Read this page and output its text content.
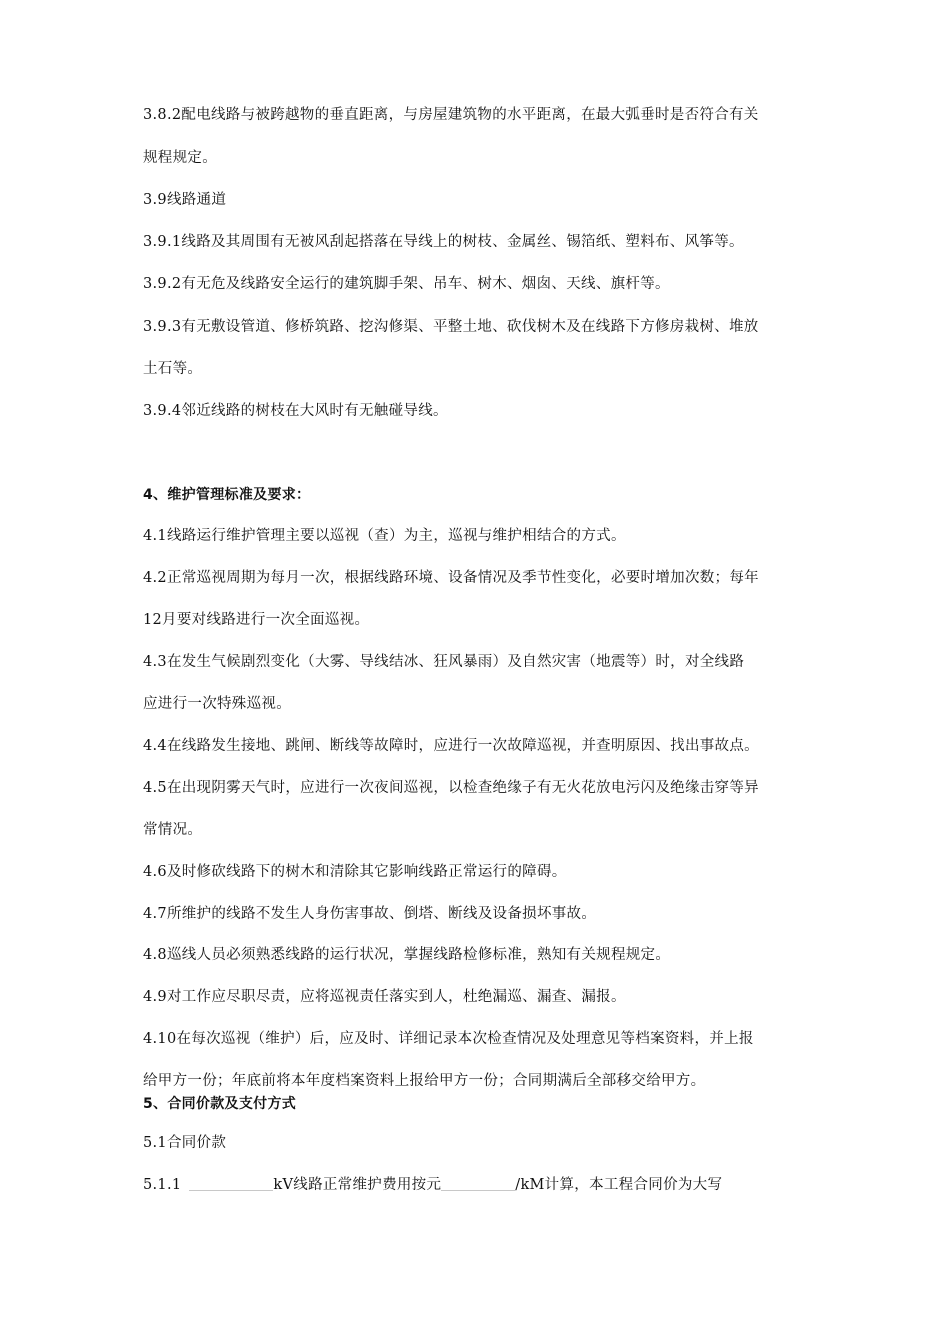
3.8.2配电线路与被跨越物的垂直距离，与房屋建筑物的水平距离，在最大弧垂时是否符合有关
规程规定。
3.9线路通道
3.9.1线路及其周围有无被风刮起搭落在导线上的树枝、金属丝、锡箔纸、塑料布、风筝等。
3.9.2有无危及线路安全运行的建筑脚手架、吊车、树木、烟囱、天线、旗杆等。
3.9.3有无敷设管道、修桥筑路、挖沟修渠、平整土地、砍伐树木及在线路下方修房栽树、堆放
土石等。
3.9.4邻近线路的树枝在大风时有无触碰导线。
4、维护管理标准及要求：
4.1线路运行维护管理主要以巡视（查）为主，巡视与维护相结合的方式。
4.2正常巡视周期为每月一次，根据线路环境、设备情况及季节性变化，必要时增加次数；每年
12月要对线路进行一次全面巡视。
4.3在发生气候剧烈变化（大雾、导线结冰、狂风暴雨）及自然灾害（地震等）时，对全线路
应进行一次特殊巡视。
4.4在线路发生接地、跳闸、断线等故障时，应进行一次故障巡视，并查明原因、找出事故点。
4.5在出现阴雾天气时，应进行一次夜间巡视，以检查绝缘子有无火花放电污闪及绝缘击穿等异
常情况。
4.6及时修砍线路下的树木和清除其它影响线路正常运行的障碍。
4.7所维护的线路不发生人身伤害事故、倒塔、断线及设备损坏事故。
4.8巡线人员必须熟悉线路的运行状况，掌握线路检修标准，熟知有关规程规定。
4.9对工作应尽职尽责，应将巡视责任落实到人，杜绝漏巡、漏查、漏报。
4.10在每次巡视（维护）后，应及时、详细记录本次检查情况及处理意见等档案资料，并上报
给甲方一份；年底前将本年度档案资料上报给甲方一份；合同期满后全部移交给甲方。
5、合同价款及支付方式
5.1合同价款
5.1.1	kV线路正常维护费用按元	/kM计算，本工程合同价为大写
